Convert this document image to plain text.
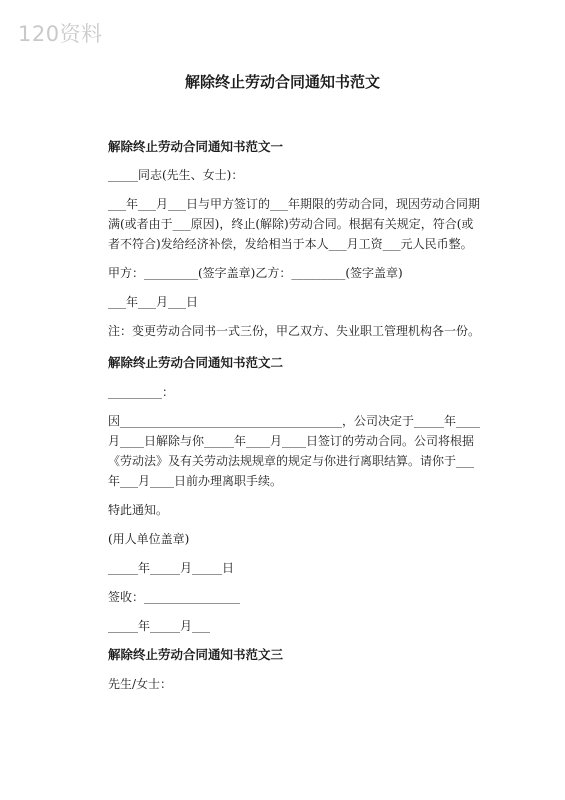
120资料
解除终止劳动合同通知书范文

解除终止劳动合同通知书范文一

_____同志(先生、女士)：

___年___月___日与甲方签订的___年期限的劳动合同，现因劳动合同期满(或者由于___原因)，终止(解除)劳动合同。根据有关规定，符合(或者不符合)发给经济补偿，发给相当于本人___月工资___元人民币整。

甲方：_________(签字盖章)乙方：_________(签字盖章)

___年___月___日

注：变更劳动合同书一式三份，甲乙双方、失业职工管理机构各一份。

解除终止劳动合同通知书范文二

_________：

因_____________________________________，公司决定于_____年____月____日解除与你_____年____月____日签订的劳动合同。公司将根据《劳动法》及有关劳动法规规章的规定与你进行离职结算。请你于___年___月____日前办理离职手续。

特此通知。

(用人单位盖章)

_____年_____月_____日

签收：________________

_____年_____月___

解除终止劳动合同通知书范文三

先生/女士：
